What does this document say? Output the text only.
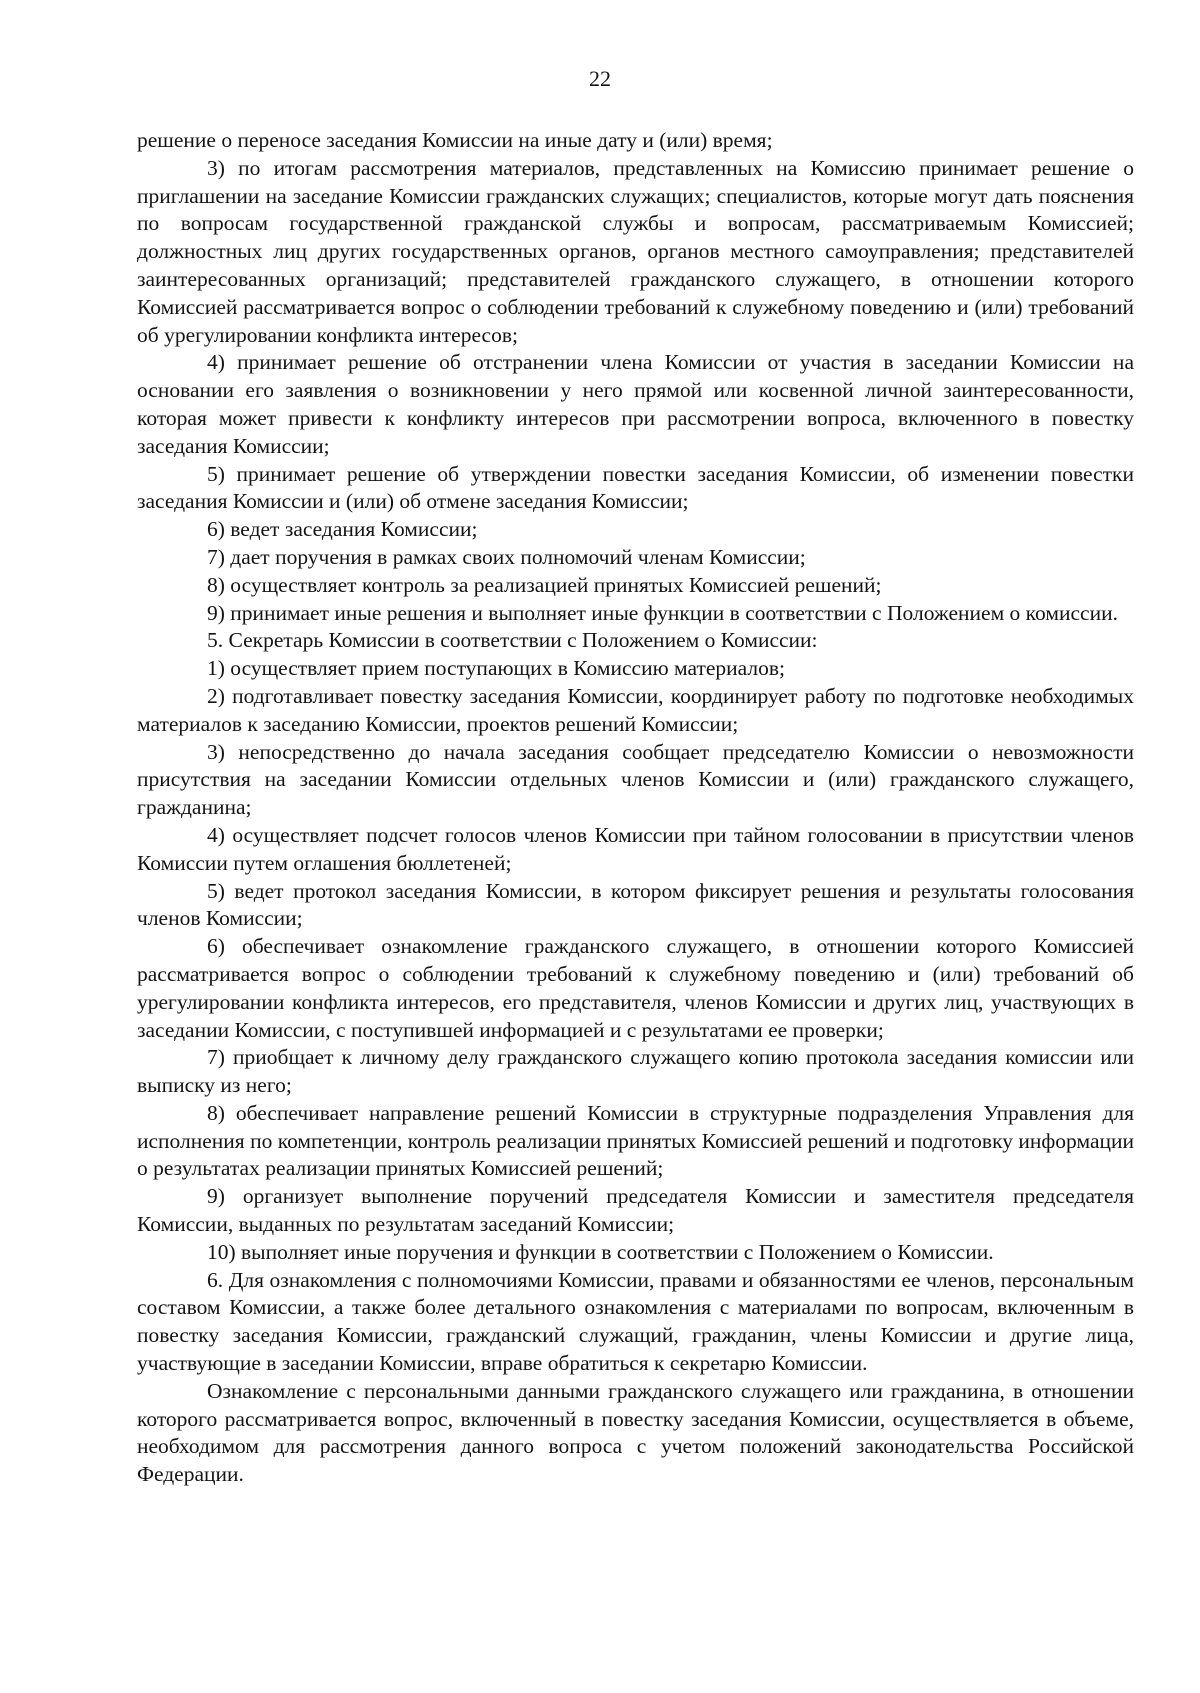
22

решение о переносе заседания Комиссии на иные дату и (или) время;

3) по итогам рассмотрения материалов, представленных на Комиссию принимает решение о приглашении на заседание Комиссии гражданских служащих; специалистов, которые могут дать пояснения по вопросам государственной гражданской службы и вопросам, рассматриваемым Комиссией; должностных лиц других государственных органов, органов местного самоуправления; представителей заинтересованных организаций; представителей гражданского служащего, в отношении которого Комиссией рассматривается вопрос о соблюдении требований к служебному поведению и (или) требований об урегулировании конфликта интересов;

4) принимает решение об отстранении члена Комиссии от участия в заседании Комиссии на основании его заявления о возникновении у него прямой или косвенной личной заинтересованности, которая может привести к конфликту интересов при рассмотрении вопроса, включенного в повестку заседания Комиссии;

5) принимает решение об утверждении повестки заседания Комиссии, об изменении повестки заседания Комиссии и (или) об отмене заседания Комиссии;

6) ведет заседания Комиссии;

7) дает поручения в рамках своих полномочий членам Комиссии;

8) осуществляет контроль за реализацией принятых Комиссией решений;

9) принимает иные решения и выполняет иные функции в соответствии с Положением о комиссии.

5. Секретарь Комиссии в соответствии с Положением о Комиссии:

1) осуществляет прием поступающих в Комиссию материалов;

2) подготавливает повестку заседания Комиссии, координирует работу по подготовке необходимых материалов к заседанию Комиссии, проектов решений Комиссии;

3) непосредственно до начала заседания сообщает председателю Комиссии о невозможности присутствия на заседании Комиссии отдельных членов Комиссии и (или) гражданского служащего, гражданина;

4) осуществляет подсчет голосов членов Комиссии при тайном голосовании в присутствии членов Комиссии путем оглашения бюллетеней;

5) ведет протокол заседания Комиссии, в котором фиксирует решения и результаты голосования членов Комиссии;

6) обеспечивает ознакомление гражданского служащего, в отношении которого Комиссией рассматривается вопрос о соблюдении требований к служебному поведению и (или) требований об урегулировании конфликта интересов, его представителя, членов Комиссии и других лиц, участвующих в заседании Комиссии, с поступившей информацией и с результатами ее проверки;

7) приобщает к личному делу гражданского служащего копию протокола заседания комиссии или выписку из него;

8) обеспечивает направление решений Комиссии в структурные подразделения Управления для исполнения по компетенции, контроль реализации принятых Комиссией решений и подготовку информации о результатах реализации принятых Комиссией решений;

9) организует выполнение поручений председателя Комиссии и заместителя председателя Комиссии, выданных по результатам заседаний Комиссии;

10) выполняет иные поручения и функции в соответствии с Положением о Комиссии.

6. Для ознакомления с полномочиями Комиссии, правами и обязанностями ее членов, персональным составом Комиссии, а также более детального ознакомления с материалами по вопросам, включенным в повестку заседания Комиссии, гражданский служащий, гражданин, члены Комиссии и другие лица, участвующие в заседании Комиссии, вправе обратиться к секретарю Комиссии.

Ознакомление с персональными данными гражданского служащего или гражданина, в отношении которого рассматривается вопрос, включенный в повестку заседания Комиссии, осуществляется в объеме, необходимом для рассмотрения данного вопроса с учетом положений законодательства Российской Федерации.
